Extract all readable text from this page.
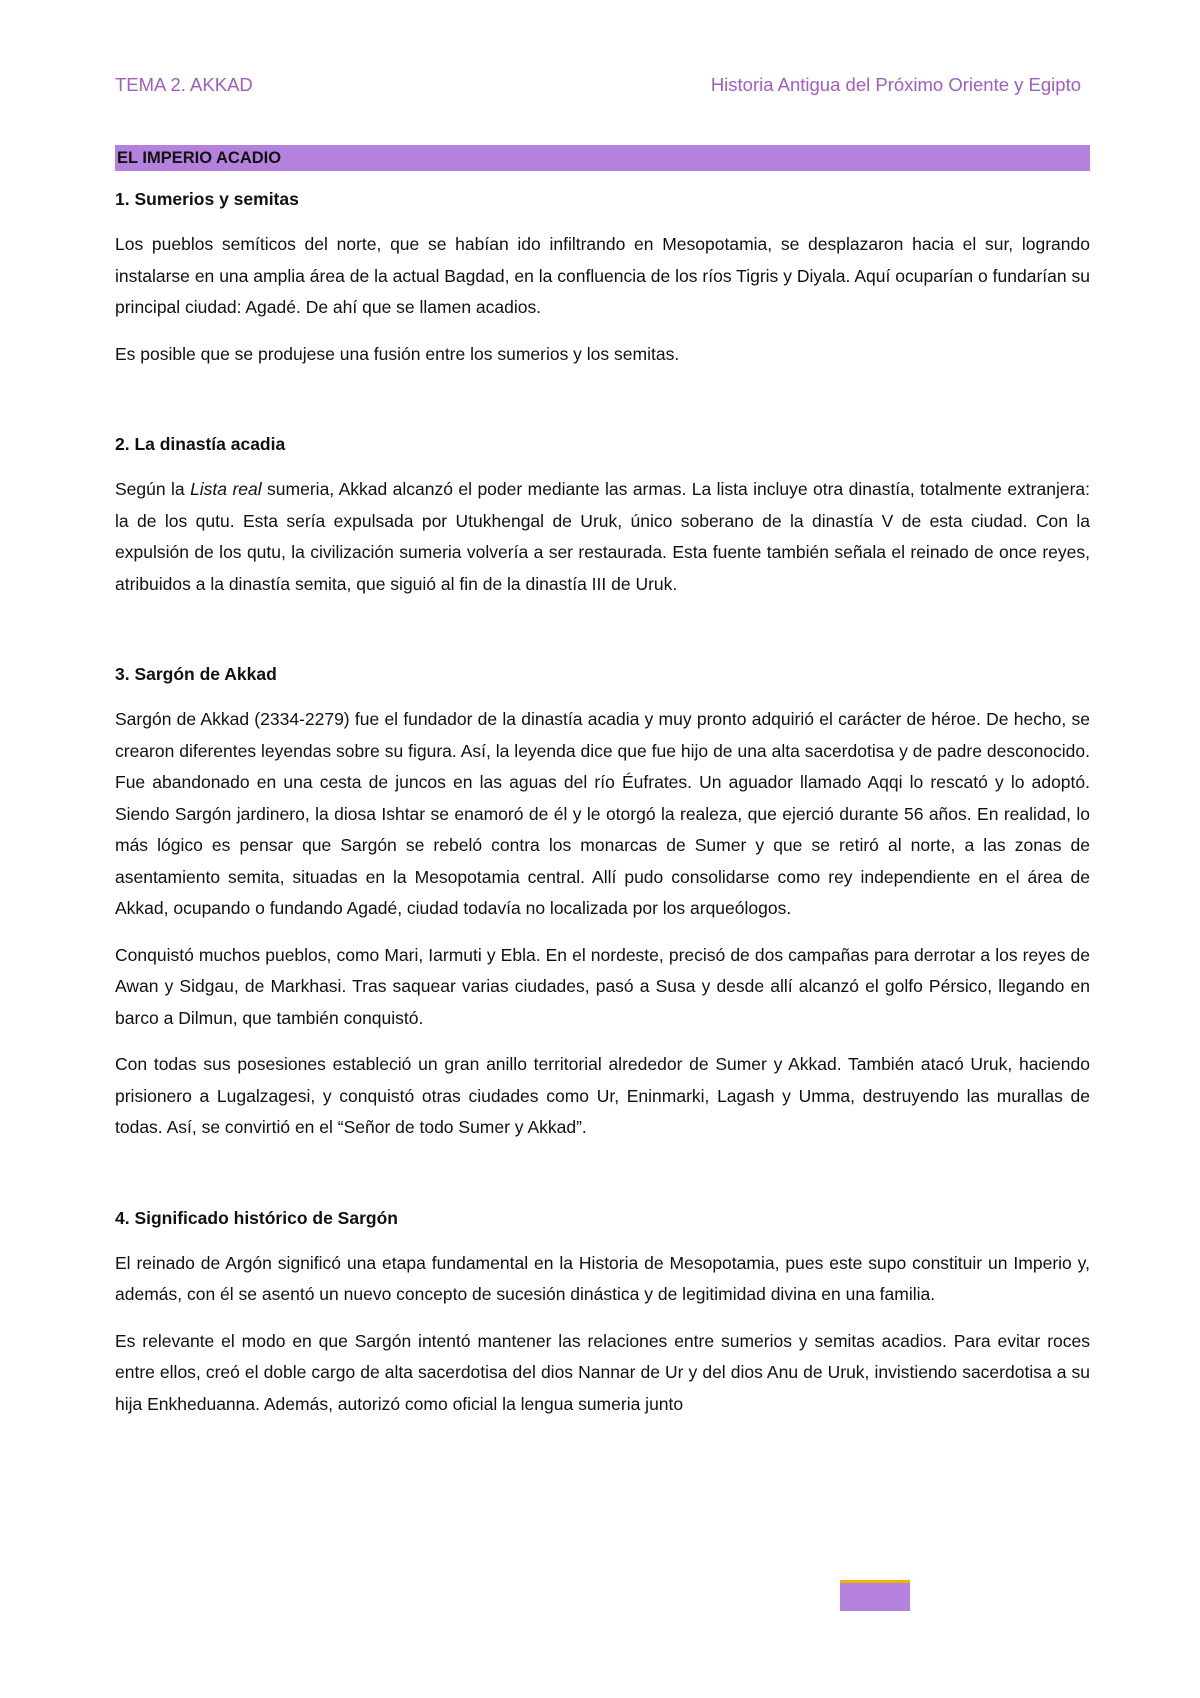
TEMA 2. AKKAD	Historia Antigua del Próximo Oriente y Egipto
EL IMPERIO ACADIO
1. Sumerios y semitas

Los pueblos semíticos del norte, que se habían ido infiltrando en Mesopotamia, se desplazaron hacia el sur, logrando instalarse en una amplia área de la actual Bagdad, en la confluencia de los ríos Tigris y Diyala. Aquí ocuparían o fundarían su principal ciudad: Agadé. De ahí que se llamen acadios.

Es posible que se produjese una fusión entre los sumerios y los semitas.

2. La dinastía acadia

Según la Lista real sumeria, Akkad alcanzó el poder mediante las armas. La lista incluye otra dinastía, totalmente extranjera: la de los qutu. Esta sería expulsada por Utukhengal de Uruk, único soberano de la dinastía V de esta ciudad. Con la expulsión de los qutu, la civilización sumeria volvería a ser restaurada. Esta fuente también señala el reinado de once reyes, atribuidos a la dinastía semita, que siguió al fin de la dinastía III de Uruk.

3. Sargón de Akkad

Sargón de Akkad (2334-2279) fue el fundador de la dinastía acadia y muy pronto adquirió el carácter de héroe. De hecho, se crearon diferentes leyendas sobre su figura. Así, la leyenda dice que fue hijo de una alta sacerdotisa y de padre desconocido. Fue abandonado en una cesta de juncos en las aguas del río Éufrates. Un aguador llamado Aqqi lo rescató y lo adoptó. Siendo Sargón jardinero, la diosa Ishtar se enamoró de él y le otorgó la realeza, que ejerció durante 56 años. En realidad, lo más lógico es pensar que Sargón se rebeló contra los monarcas de Sumer y que se retiró al norte, a las zonas de asentamiento semita, situadas en la Mesopotamia central. Allí pudo consolidarse como rey independiente en el área de Akkad, ocupando o fundando Agadé, ciudad todavía no localizada por los arqueólogos.

Conquistó muchos pueblos, como Mari, Iarmuti y Ebla. En el nordeste, precisó de dos campañas para derrotar a los reyes de Awan y Sidgau, de Markhasi. Tras saquear varias ciudades, pasó a Susa y desde allí alcanzó el golfo Pérsico, llegando en barco a Dilmun, que también conquistó.

Con todas sus posesiones estableció un gran anillo territorial alrededor de Sumer y Akkad. También atacó Uruk, haciendo prisionero a Lugalzagesi, y conquistó otras ciudades como Ur, Eninmarki, Lagash y Umma, destruyendo las murallas de todas. Así, se convirtió en el “Señor de todo Sumer y Akkad”.

4. Significado histórico de Sargón

El reinado de Argón significó una etapa fundamental en la Historia de Mesopotamia, pues este supo constituir un Imperio y, además, con él se asentó un nuevo concepto de sucesión dinástica y de legitimidad divina en una familia.

Es relevante el modo en que Sargón intentó mantener las relaciones entre sumerios y semitas acadios. Para evitar roces entre ellos, creó el doble cargo de alta sacerdotisa del dios Nannar de Ur y del dios Anu de Uruk, invistiendo sacerdotisa a su hija Enkheduanna. Además, autorizó como oficial la lengua sumeria junto
